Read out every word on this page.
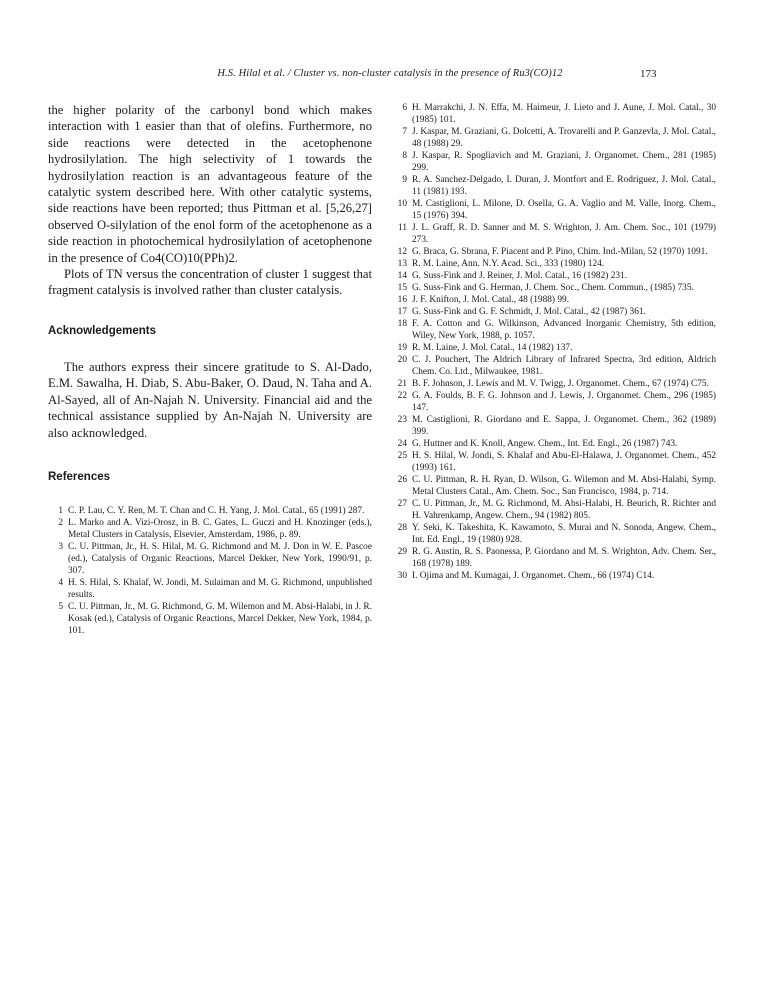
H.S. Hilal et al. / Cluster vs. non-cluster catalysis in the presence of Ru3(CO)12	173

the higher polarity of the carbonyl bond which makes interaction with 1 easier than that of olefins. Furthermore, no side reactions were detected in the acetophenone hydrosilylation. The high selectivity of 1 towards the hydrosilylation reaction is an advantageous feature of the catalytic system described here. With other catalytic systems, side reactions have been reported; thus Pittman et al. [5,26,27] observed O-silylation of the enol form of the acetophenone as a side reaction in photochemical hydrosilylation of acetophenone in the presence of Co4(CO)10(PPh)2.

Plots of TN versus the concentration of cluster 1 suggest that fragment catalysis is involved rather than cluster catalysis.

Acknowledgements

The authors express their sincere gratitude to S. Al-Dado, E.M. Sawalha, H. Diab, S. Abu-Baker, O. Daud, N. Taha and A. Al-Sayed, all of An-Najah N. University. Financial aid and the technical assistance supplied by An-Najah N. University are also acknowledged.

References
1 C. P. Lau, C. Y. Ren, M. T. Chan and C. H. Yang, J. Mol. Catal., 65 (1991) 287.
2 L. Marko and A. Vizi-Orosz, in B. C. Gates, L. Guczi and H. Knozinger (eds.), Metal Clusters in Catalysis, Elsevier, Amsterdam, 1986, p. 89.
3 C. U. Pittman, Jr., H. S. Hilal, M. G. Richmond and M. J. Don in W. E. Pascoe (ed.), Catalysis of Organic Reactions, Marcel Dekker, New York, 1990/91, p. 307.
4 H. S. Hilal, S. Khalaf, W. Jondi, M. Sulaiman and M. G. Richmond, unpublished results.
5 C. U. Pittman, Jr., M. G. Richmond, G. M. Wilemon and M. Absi-Halabi, in J. R. Kosak (ed.), Catalysis of Organic Reactions, Marcel Dekker, New York, 1984, p. 101.
6 H. Marrakchi, J. N. Effa, M. Haimeur, J. Lieto and J. Aune, J. Mol. Catal., 30 (1985) 101.
7 J. Kaspar, M. Graziani, G. Dolcetti, A. Trovarelli and P. Ganzevla, J. Mol. Catal., 48 (1988) 29.
8 J. Kaspar, R. Spogliavich and M. Graziani, J. Organomet. Chem., 281 (1985) 299.
9 R. A. Sanchez-Delgado, I. Duran, J. Montfort and E. Rodriguez, J. Mol. Catal., 11 (1981) 193.
10 M. Castiglioni, L. Milone, D. Osella, G. A. Vaglio and M. Valle, Inorg. Chem., 15 (1976) 394.
11 J. L. Graff, R. D. Sanner and M. S. Wrighton, J. Am. Chem. Soc., 101 (1979) 273.
12 G. Braca, G. Sbrana, F. Piacent and P. Pino, Chim. Ind.-Milan, 52 (1970) 1091.
13 R. M. Laine, Ann. N.Y. Acad. Sci., 333 (1980) 124.
14 G. Suss-Fink and J. Reiner, J. Mol. Catal., 16 (1982) 231.
15 G. Suss-Fink and G. Herman, J. Chem. Soc., Chem. Commun., (1985) 735.
16 J. F. Knifton, J. Mol. Catal., 48 (1988) 99.
17 G. Suss-Fink and G. F. Schmidt, J. Mol. Catal., 42 (1987) 361.
18 F. A. Cotton and G. Wilkinson, Advanced Inorganic Chemistry, 5th edition, Wiley, New York, 1988, p. 1057.
19 R. M. Laine, J. Mol. Catal., 14 (1982) 137.
20 C. J. Pouchert, The Aldrich Library of Infrared Spectra, 3rd edition, Aldrich Chem. Co. Ltd., Milwaukee, 1981.
21 B. F. Johnson, J. Lewis and M. V. Twigg, J. Organomet. Chem., 67 (1974) C75.
22 G. A. Foulds, B. F. G. Johnson and J. Lewis, J. Organomet. Chem., 296 (1985) 147.
23 M. Castiglioni, R. Giordano and E. Sappa, J. Organomet. Chem., 362 (1989) 399.
24 G. Huttner and K. Knoll, Angew. Chem., Int. Ed. Engl., 26 (1987) 743.
25 H. S. Hilal, W. Jondi, S. Khalaf and Abu-El-Halawa, J. Organomet. Chem., 452 (1993) 161.
26 C. U. Pittman, R. H. Ryan, D. Wilson, G. Wilemon and M. Absi-Halabi, Symp. Metal Clusters Catal., Am. Chem. Soc., San Francisco, 1984, p. 714.
27 C. U. Pittman, Jr., M. G. Richmond, M. Absi-Halabi, H. Beurich, R. Richter and H. Vahrenkamp, Angew. Chem., 94 (1982) 805.
28 Y. Seki, K. Takeshita, K. Kawamoto, S. Murai and N. Sonoda, Angew. Chem., Int. Ed. Engl., 19 (1980) 928.
29 R. G. Austin, R. S. Paonessa, P. Giordano and M. S. Wrighton, Adv. Chem. Ser., 168 (1978) 189.
30 I. Ojima and M. Kumagai, J. Organomet. Chem., 66 (1974) C14.
